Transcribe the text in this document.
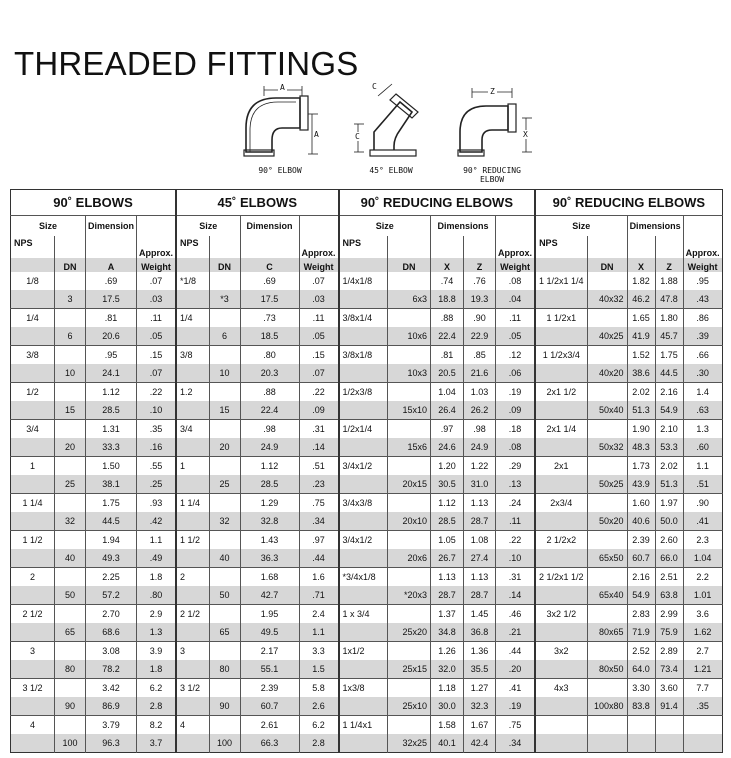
THREADED FITTINGS
A
A
90° ELBOW
C
C
45° ELBOW
Z
X
90° REDUCING ELBOW
90˚ ELBOWS				45˚ ELBOWS				90˚ REDUCING ELBOWS					90˚ REDUCING ELBOWS				
Size		Dimension		Size		Dimension		Size		Dimensions			Size		Dimensions		
NPS			Approx.	NPS			Approx.	NPS				Approx.	NPS				Approx.
	DN	A	Weight		DN	C	Weight		DN	X	Z	Weight		DN	X	Z	Weight
1/8		.69	.07	*1/8		.69	.07	1/4x1/8		.74	.76	.08	1 1/2x1 1/4		1.82	1.88	.95
	3	17.5	.03		*3	17.5	.03		6x3	18.8	19.3	.04		40x32	46.2	47.8	.43
1/4		.81	.11	1/4		.73	.11	3/8x1/4		.88	.90	.11	1 1/2x1		1.65	1.80	.86
	6	20.6	.05		6	18.5	.05		10x6	22.4	22.9	.05		40x25	41.9	45.7	.39
3/8		.95	.15	3/8		.80	.15	3/8x1/8		.81	.85	.12	1 1/2x3/4		1.52	1.75	.66
	10	24.1	.07		10	20.3	.07		10x3	20.5	21.6	.06		40x20	38.6	44.5	.30
1/2		1.12	.22	1.2		.88	.22	1/2x3/8		1.04	1.03	.19	2x1 1/2		2.02	2.16	1.4
	15	28.5	.10		15	22.4	.09		15x10	26.4	26.2	.09		50x40	51.3	54.9	.63
3/4		1.31	.35	3/4		.98	.31	1/2x1/4		.97	.98	.18	2x1 1/4		1.90	2.10	1.3
	20	33.3	.16		20	24.9	.14		15x6	24.6	24.9	.08		50x32	48.3	53.3	.60
1		1.50	.55	1		1.12	.51	3/4x1/2		1.20	1.22	.29	2x1		1.73	2.02	1.1
	25	38.1	.25		25	28.5	.23		20x15	30.5	31.0	.13		50x25	43.9	51.3	.51
1 1/4		1.75	.93	1 1/4		1.29	.75	3/4x3/8		1.12	1.13	.24	2x3/4		1.60	1.97	.90
	32	44.5	.42		32	32.8	.34		20x10	28.5	28.7	.11		50x20	40.6	50.0	.41
1 1/2		1.94	1.1	1 1/2		1.43	.97	3/4x1/2		1.05	1.08	.22	2 1/2x2		2.39	2.60	2.3
	40	49.3	.49		40	36.3	.44		20x6	26.7	27.4	.10		65x50	60.7	66.0	1.04
2		2.25	1.8	2		1.68	1.6	*3/4x1/8		1.13	1.13	.31	2 1/2x1 1/2		2.16	2.51	2.2
	50	57.2	.80		50	42.7	.71		*20x3	28.7	28.7	.14		65x40	54.9	63.8	1.01
2 1/2		2.70	2.9	2 1/2		1.95	2.4	1 x 3/4		1.37	1.45	.46	3x2 1/2		2.83	2.99	3.6
	65	68.6	1.3		65	49.5	1.1		25x20	34.8	36.8	.21		80x65	71.9	75.9	1.62
3		3.08	3.9	3		2.17	3.3	1x1/2		1.26	1.36	.44	3x2		2.52	2.89	2.7
	80	78.2	1.8		80	55.1	1.5		25x15	32.0	35.5	.20		80x50	64.0	73.4	1.21
3 1/2		3.42	6.2	3 1/2		2.39	5.8	1x3/8		1.18	1.27	.41	4x3		3.30	3.60	7.7
	90	86.9	2.8		90	60.7	2.6		25x10	30.0	32.3	.19		100x80	83.8	91.4	.35
4		3.79	8.2	4		2.61	6.2	1 1/4x1		1.58	1.67	.75					
	100	96.3	3.7		100	66.3	2.8		32x25	40.1	42.4	.34					
